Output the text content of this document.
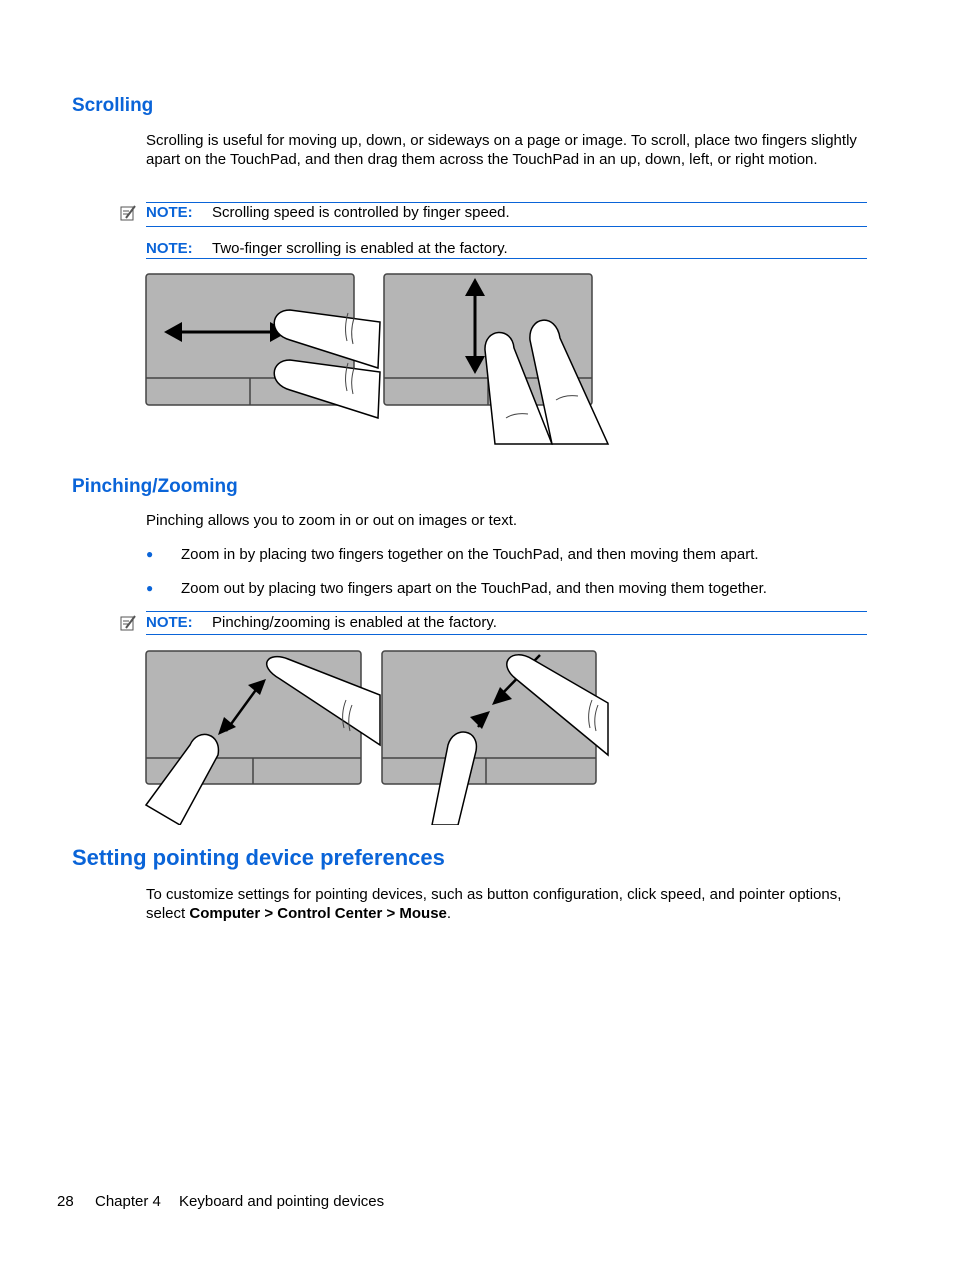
Scrolling
Scrolling is useful for moving up, down, or sideways on a page or image. To scroll, place two fingers slightly apart on the TouchPad, and then drag them across the TouchPad in an up, down, left, or right motion.
NOTE: Scrolling speed is controlled by finger speed.
NOTE: Two-finger scrolling is enabled at the factory.
Pinching/Zooming
Pinching allows you to zoom in or out on images or text.
● Zoom in by placing two fingers together on the TouchPad, and then moving them apart.
● Zoom out by placing two fingers apart on the TouchPad, and then moving them together.
NOTE: Pinching/zooming is enabled at the factory.
Setting pointing device preferences
To customize settings for pointing devices, such as button configuration, click speed, and pointer options, select Computer > Control Center > Mouse.
28 Chapter 4 Keyboard and pointing devices
